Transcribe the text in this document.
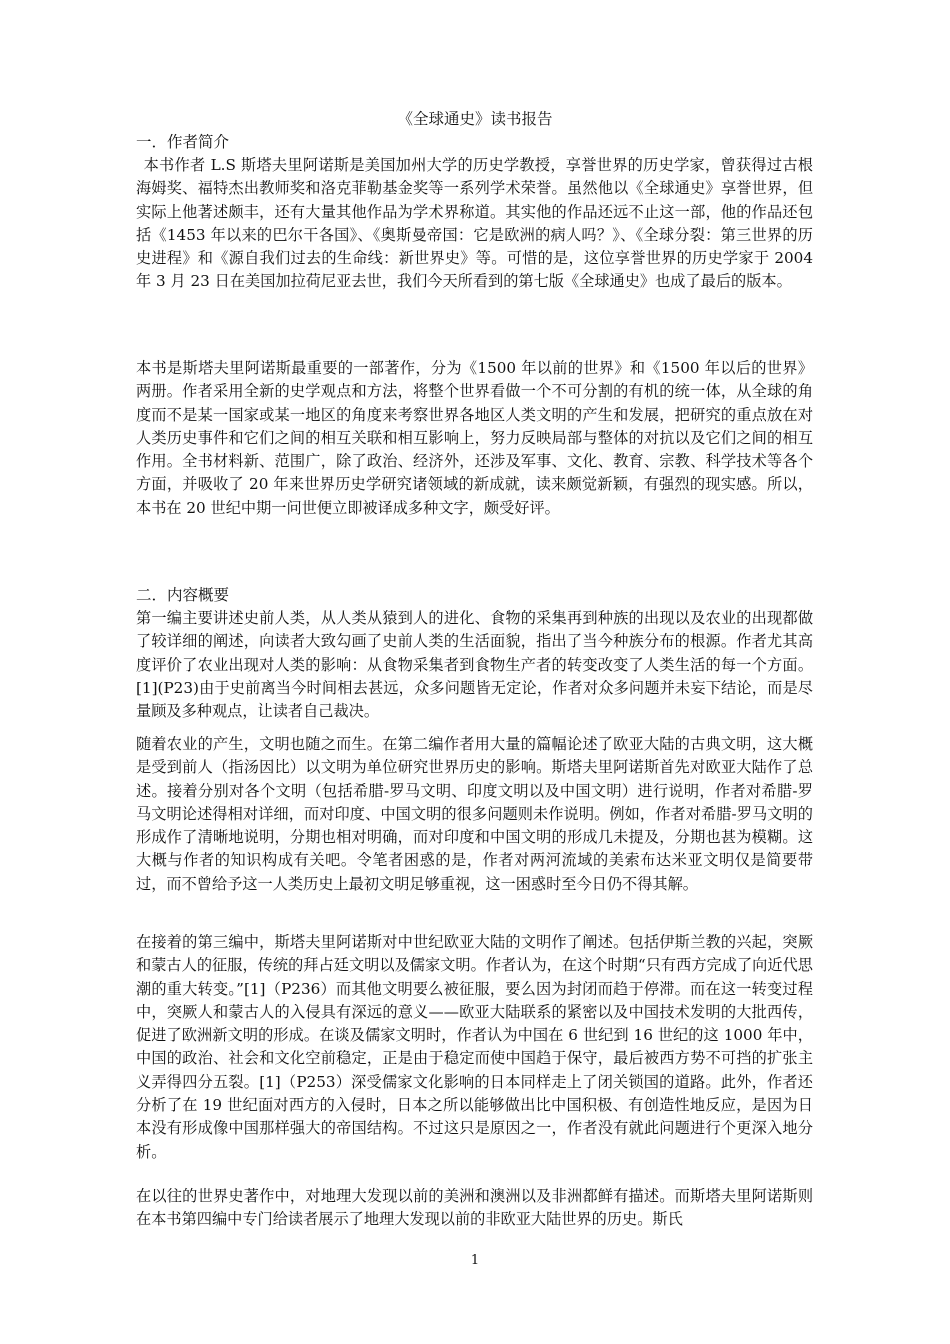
《全球通史》读书报告
一．作者简介
本书作者 L.S 斯塔夫里阿诺斯是美国加州大学的历史学教授，享誉世界的历史学家，曾获得过古根海姆奖、福特杰出教师奖和洛克菲勒基金奖等一系列学术荣誉。虽然他以《全球通史》享誉世界，但实际上他著述颇丰，还有大量其他作品为学术界称道。其实他的作品还远不止这一部，他的作品还包括《1453 年以来的巴尔干各国》、《奥斯曼帝国：它是欧洲的病人吗？》、《全球分裂：第三世界的历史进程》和《源自我们过去的生命线：新世界史》等。可惜的是，这位享誉世界的历史学家于 2004 年 3 月 23 日在美国加拉荷尼亚去世，我们今天所看到的第七版《全球通史》也成了最后的版本。
本书是斯塔夫里阿诺斯最重要的一部著作，分为《1500 年以前的世界》和《1500 年以后的世界》两册。作者采用全新的史学观点和方法，将整个世界看做一个不可分割的有机的统一体，从全球的角度而不是某一国家或某一地区的角度来考察世界各地区人类文明的产生和发展，把研究的重点放在对人类历史事件和它们之间的相互关联和相互影响上，努力反映局部与整体的对抗以及它们之间的相互作用。全书材料新、范围广，除了政治、经济外，还涉及军事、文化、教育、宗教、科学技术等各个方面，并吸收了 20 年来世界历史学研究诸领域的新成就，读来颇觉新颖，有强烈的现实感。所以，本书在 20 世纪中期一问世便立即被译成多种文字，颇受好评。
二．内容概要
第一编主要讲述史前人类，从人类从猿到人的进化、食物的采集再到种族的出现以及农业的出现都做了较详细的阐述，向读者大致勾画了史前人类的生活面貌，指出了当今种族分布的根源。作者尤其高度评价了农业出现对人类的影响：从食物采集者到食物生产者的转变改变了人类生活的每一个方面。[1](P23)由于史前离当今时间相去甚远，众多问题皆无定论，作者对众多问题并未妄下结论，而是尽量顾及多种观点，让读者自己裁决。
随着农业的产生，文明也随之而生。在第二编作者用大量的篇幅论述了欧亚大陆的古典文明，这大概是受到前人（指汤因比）以文明为单位研究世界历史的影响。斯塔夫里阿诺斯首先对欧亚大陆作了总述。接着分别对各个文明（包括希腊-罗马文明、印度文明以及中国文明）进行说明，作者对希腊-罗马文明论述得相对详细，而对印度、中国文明的很多问题则未作说明。例如，作者对希腊-罗马文明的形成作了清晰地说明，分期也相对明确，而对印度和中国文明的形成几未提及，分期也甚为模糊。这大概与作者的知识构成有关吧。令笔者困惑的是，作者对两河流域的美索布达米亚文明仅是简要带过，而不曾给予这一人类历史上最初文明足够重视，这一困惑时至今日仍不得其解。
在接着的第三编中，斯塔夫里阿诺斯对中世纪欧亚大陆的文明作了阐述。包括伊斯兰教的兴起，突厥和蒙古人的征服，传统的拜占廷文明以及儒家文明。作者认为，在这个时期“只有西方完成了向近代思潮的重大转变。”[1]（P236）而其他文明要么被征服，要么因为封闭而趋于停滞。而在这一转变过程中，突厥人和蒙古人的入侵具有深远的意义——欧亚大陆联系的紧密以及中国技术发明的大批西传，促进了欧洲新文明的形成。在谈及儒家文明时，作者认为中国在 6 世纪到 16 世纪的这 1000 年中，中国的政治、社会和文化空前稳定，正是由于稳定而使中国趋于保守，最后被西方势不可挡的扩张主义弄得四分五裂。[1]（P253）深受儒家文化影响的日本同样走上了闭关锁国的道路。此外，作者还分析了在 19 世纪面对西方的入侵时，日本之所以能够做出比中国积极、有创造性地反应，是因为日本没有形成像中国那样强大的帝国结构。不过这只是原因之一，作者没有就此问题进行个更深入地分析。
在以往的世界史著作中，对地理大发现以前的美洲和澳洲以及非洲都鲜有描述。而斯塔夫里阿诺斯则在本书第四编中专门给读者展示了地理大发现以前的非欧亚大陆世界的历史。斯氏
1
